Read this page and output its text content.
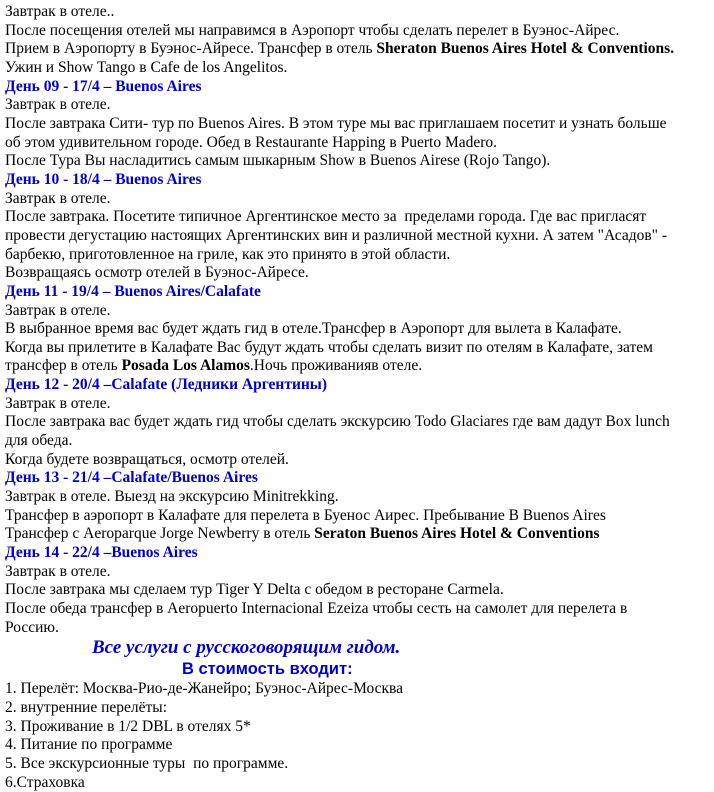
Завтрак в отеле..
После посещения отелей мы направимся в Аэропорт чтобы сделать перелет в Буэнос-Айрес.
Прием в Аэропорту в Буэнос-Айресе. Трансфер в отель Sheraton Buenos Aires Hotel & Conventions.
Ужин и Show Tango в Cafe de los Angelitos.
День 09 - 17/4 – Buenos Aires
Завтрак в отеле.
После завтрака Сити- тур по Buenos Aires. В этом туре мы вас приглашаем посетит и узнать больше
об этом удивительном городе. Обед в Restaurante Happing в Puerto Madero.
После Тура Вы насладитись самым шыкарным Show в Buenos Airese (Rojo Tango).
День 10 - 18/4 – Buenos Aires
Завтрак в отеле.
После завтрака. Посетите типичное Аргентинское место за  пределами города. Где вас пригласят
провести дегустацию настоящих Аргентинских вин и различной местной кухни. А затем "Асадов" -
барбекю, приготовленное на гриле, как это принято в этой области.
Возвращаясь осмотр отелей в Буэнос-Айресе.
День 11 - 19/4 – Buenos Aires/Calafate
Завтрак в отеле.
В выбранное время вас будет ждать гид в отеле.Трансфер в Аэропорт для вылета в Калафате.
Когда вы прилетите в Калафате Вас будут ждать чтобы сделать визит по отелям в Калафате, затем
трансфер в отель Posada Los Alamos.Ночь проживанияв отеле.
День 12 - 20/4 –Calafate (Ледники Аргентины)
Завтрак в отеле.
После завтрака вас будет ждать гид чтобы сделать экскурсию Todo Glaciares где вам дадут Box lunch
для обеда.
Когда будете возвращаться, осмотр отелей.
День 13 - 21/4 –Calafate/Buenos Aires
Завтрак в отеле. Выезд на экскурсию Minitrekking.
Трансфер в аэропорт в Калафате для перелета в Буенос Аирес. Пребывание В Buenos Aires
Трансфер с Aeroparque Jorge Newberry в отель Seraton Buenos Aires Hotel & Conventions
День 14 - 22/4 –Buenos Aires
Завтрак в отеле.
После завтрака мы сделаем тур Tiger Y Delta с обедом в ресторане Carmela.
После обеда трансфер в Aeropuerto Internacional Ezeiza чтобы сесть на самолет для перелета в
Россию.
Все услуги с русскоговорящим гидом.
В стоимость входит:
1. Перелёт: Москва-Рио-де-Жанейро; Буэнос-Айрес-Москва
2. внутренние перелёты:
3. Проживание в 1/2 DBL в отелях 5*
4. Питание по программе
5. Все экскурсионные туры  по программе.
6.Страховка
